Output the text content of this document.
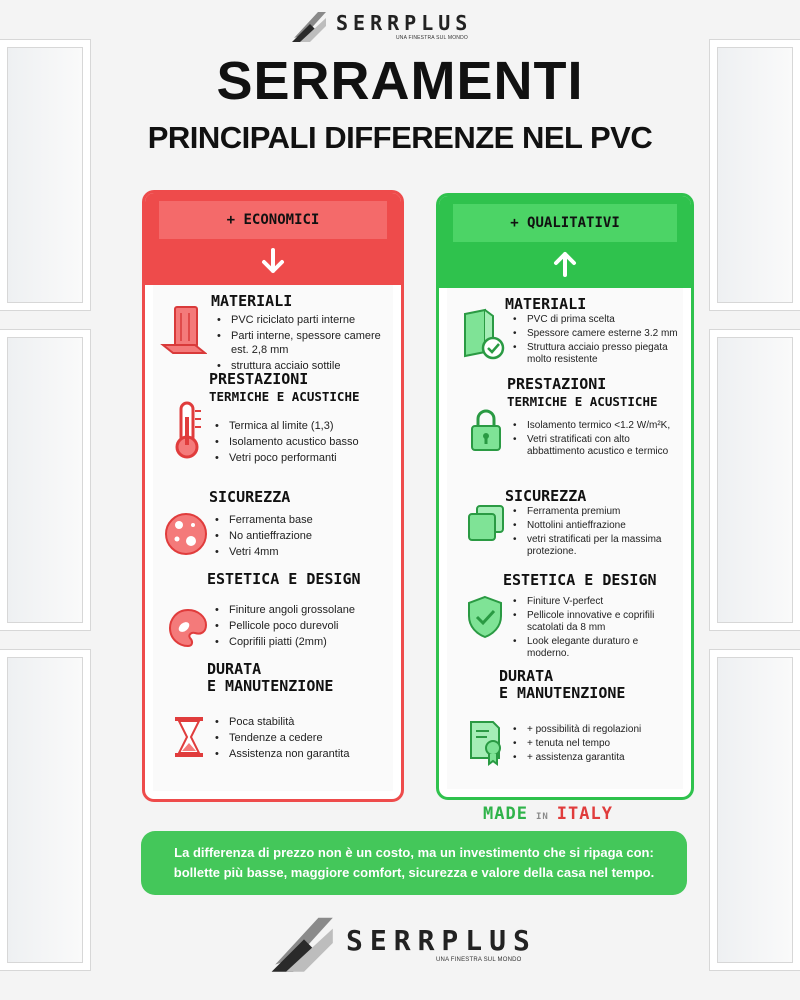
SERRPLUS
UNA FINESTRA SUL MONDO
SERRAMENTI
PRINCIPALI DIFFERENZE NEL PVC
+ ECONOMICI
MATERIALI
• PVC riciclato parti interne
• Parti interne, spessore camere est. 2,8 mm
• struttura acciaio sottile
PRESTAZIONI
TERMICHE E ACUSTICHE
• Termica al limite (1,3)
• Isolamento acustico basso
• Vetri poco performanti
SICUREZZA
• Ferramenta base
• No antieffrazione
• Vetri 4mm
ESTETICA E DESIGN
• Finiture angoli grossolane
• Pellicole poco durevoli
• Coprifili piatti (2mm)
DURATA
E MANUTENZIONE
• Poca stabilità
• Tendenze a cedere
• Assistenza non garantita
+ QUALITATIVI
MATERIALI
• PVC di prima scelta
• Spessore camere esterne 3.2 mm
• Struttura acciaio presso piegata molto resistente
PRESTAZIONI
TERMICHE E ACUSTICHE
• Isolamento termico <1.2 W/m²K,
• Vetri stratificati con alto abbattimento acustico e termico
SICUREZZA
• Ferramenta premium
• Nottolini antieffrazione
• vetri stratificati per la massima protezione.
ESTETICA E DESIGN
• Finiture V-perfect
• Pellicole innovative e coprifili scatolati da 8 mm
• Look elegante duraturo e moderno.
DURATA
E MANUTENZIONE
• + possibilità di regolazioni
• + tenuta nel tempo
• + assistenza garantita
MADE IN ITALY
La differenza di prezzo non è un costo, ma un investimento che si ripaga con:
bollette più basse, maggiore comfort, sicurezza e valore della casa nel tempo.
SERRPLUS
UNA FINESTRA SUL MONDO
